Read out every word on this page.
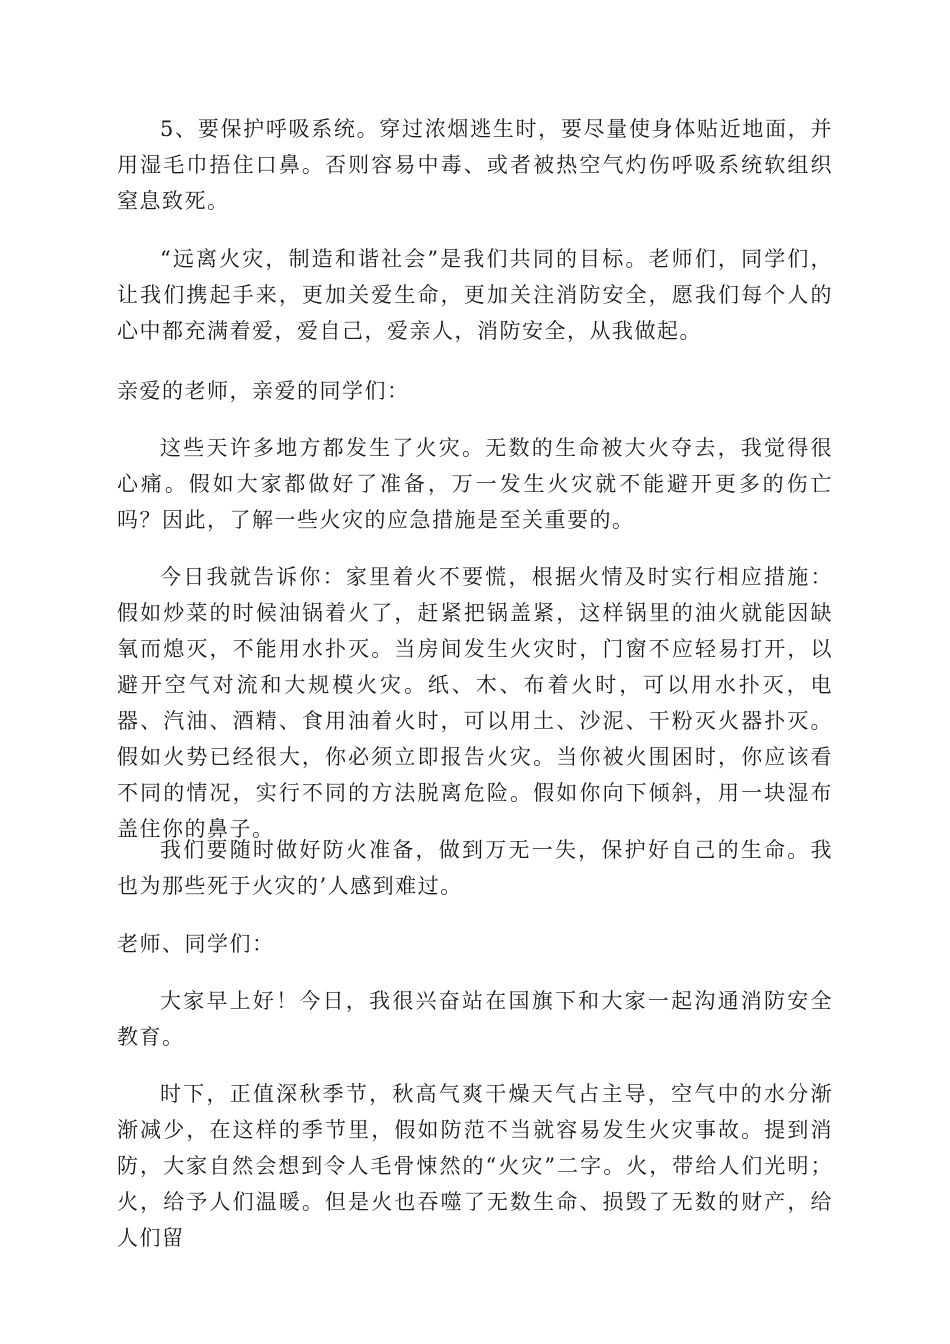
5、要保护呼吸系统。穿过浓烟逃生时，要尽量使身体贴近地面，并用湿毛巾捂住口鼻。否则容易中毒、或者被热空气灼伤呼吸系统软组织窒息致死。

“远离火灾，制造和谐社会”是我们共同的目标。老师们，同学们，让我们携起手来，更加关爱生命，更加关注消防安全，愿我们每个人的心中都充满着爱，爱自己，爱亲人，消防安全，从我做起。

亲爱的老师，亲爱的同学们：

这些天许多地方都发生了火灾。无数的生命被大火夺去，我觉得很心痛。假如大家都做好了准备，万一发生火灾就不能避开更多的伤亡吗？因此，了解一些火灾的应急措施是至关重要的。

今日我就告诉你：家里着火不要慌，根据火情及时实行相应措施：假如炒菜的时候油锅着火了，赶紧把锅盖紧，这样锅里的油火就能因缺氧而熄灭，不能用水扑灭。当房间发生火灾时，门窗不应轻易打开，以避开空气对流和大规模火灾。纸、木、布着火时，可以用水扑灭，电器、汽油、酒精、食用油着火时，可以用土、沙泥、干粉灭火器扑灭。假如火势已经很大，你必须立即报告火灾。当你被火围困时，你应该看不同的情况，实行不同的方法脱离危险。假如你向下倾斜，用一块湿布盖住你的鼻子。

我们要随时做好防火准备，做到万无一失，保护好自己的生命。我也为那些死于火灾的’人感到难过。

老师、同学们：

大家早上好！今日，我很兴奋站在国旗下和大家一起沟通消防安全教育。

时下，正值深秋季节，秋高气爽干燥天气占主导，空气中的水分渐渐减少，在这样的季节里，假如防范不当就容易发生火灾事故。提到消防，大家自然会想到令人毛骨悚然的“火灾”二字。火，带给人们光明；火，给予人们温暖。但是火也吞噬了无数生命、损毁了无数的财产，给人们留
